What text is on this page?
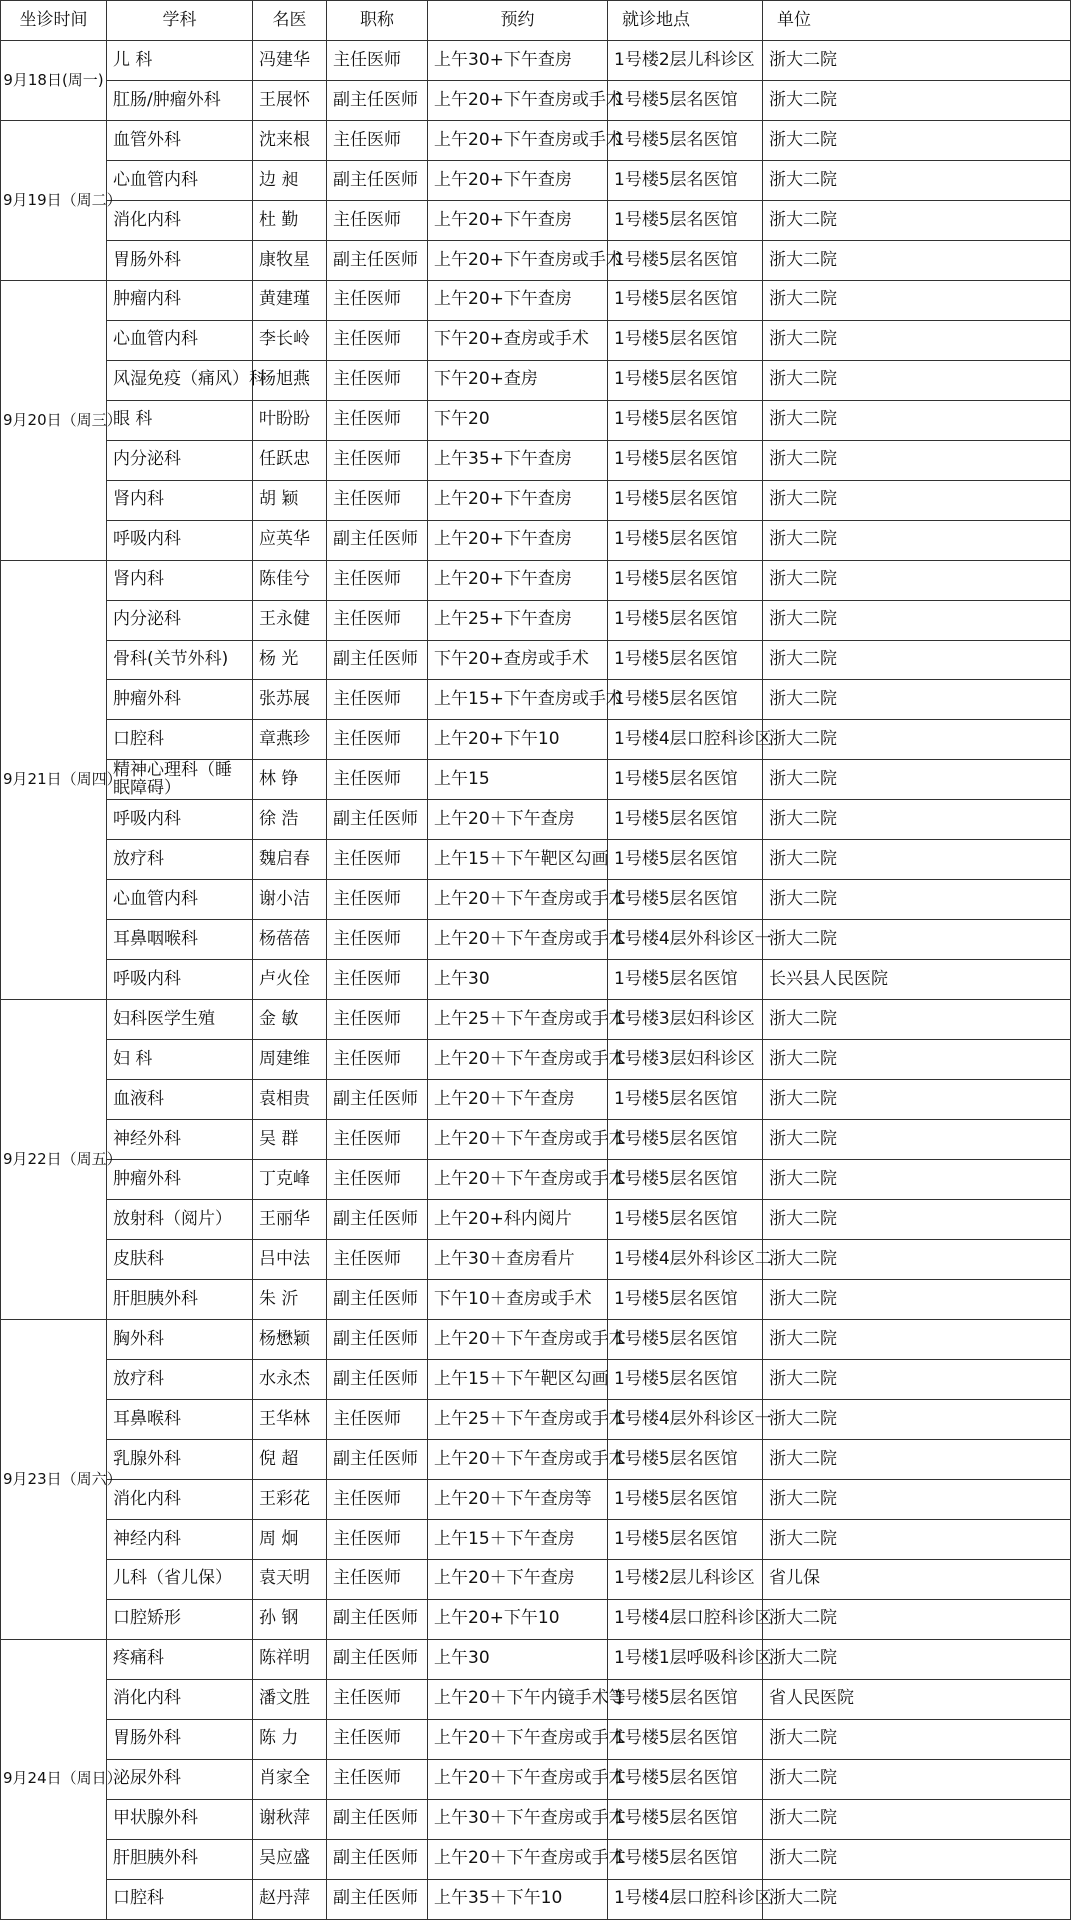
坐诊时间	学科	名医	职称	预约	就诊地点	单位
9月18日(周一)	儿 科	冯建华	主任医师	上午30+下午查房	1号楼2层儿科诊区	浙大二院
	肛肠/肿瘤外科	王展怀	副主任医师	上午20+下午查房或手术	1号楼5层名医馆	浙大二院
9月19日（周二）	血管外科	沈来根	主任医师	上午20+下午查房或手术	1号楼5层名医馆	浙大二院
	心血管内科	边 昶	副主任医师	上午20+下午查房	1号楼5层名医馆	浙大二院
	消化内科	杜 勤	主任医师	上午20+下午查房	1号楼5层名医馆	浙大二院
	胃肠外科	康牧星	副主任医师	上午20+下午查房或手术	1号楼5层名医馆	浙大二院
9月20日（周三）	肿瘤内科	黄建瑾	主任医师	上午20+下午查房	1号楼5层名医馆	浙大二院
	心血管内科	李长岭	主任医师	下午20+查房或手术	1号楼5层名医馆	浙大二院
	风湿免疫（痛风）科	杨旭燕	主任医师	下午20+查房	1号楼5层名医馆	浙大二院
	眼 科	叶盼盼	主任医师	下午20	1号楼5层名医馆	浙大二院
	内分泌科	任跃忠	主任医师	上午35+下午查房	1号楼5层名医馆	浙大二院
	肾内科	胡 颖	主任医师	上午20+下午查房	1号楼5层名医馆	浙大二院
	呼吸内科	应英华	副主任医师	上午20+下午查房	1号楼5层名医馆	浙大二院
9月21日（周四）	肾内科	陈佳兮	主任医师	上午20+下午查房	1号楼5层名医馆	浙大二院
	内分泌科	王永健	主任医师	上午25+下午查房	1号楼5层名医馆	浙大二院
	骨科(关节外科)	杨 光	副主任医师	下午20+查房或手术	1号楼5层名医馆	浙大二院
	肿瘤外科	张苏展	主任医师	上午15+下午查房或手术	1号楼5层名医馆	浙大二院
	口腔科	章燕珍	主任医师	上午20+下午10	1号楼4层口腔科诊区	浙大二院
	精神心理科（睡眠障碍）	林 铮	主任医师	上午15	1号楼5层名医馆	浙大二院
	呼吸内科	徐 浩	副主任医师	上午20＋下午查房	1号楼5层名医馆	浙大二院
	放疗科	魏启春	主任医师	上午15＋下午靶区勾画	1号楼5层名医馆	浙大二院
	心血管内科	谢小洁	主任医师	上午20＋下午查房或手术	1号楼5层名医馆	浙大二院
	耳鼻咽喉科	杨蓓蓓	主任医师	上午20＋下午查房或手术	1号楼4层外科诊区一	浙大二院
	呼吸内科	卢火佺	主任医师	上午30	1号楼5层名医馆	长兴县人民医院
9月22日（周五）	妇科医学生殖	金 敏	主任医师	上午25＋下午查房或手术	1号楼3层妇科诊区	浙大二院
	妇 科	周建维	主任医师	上午20＋下午查房或手术	1号楼3层妇科诊区	浙大二院
	血液科	袁相贵	副主任医师	上午20＋下午查房	1号楼5层名医馆	浙大二院
	神经外科	吴 群	主任医师	上午20＋下午查房或手术	1号楼5层名医馆	浙大二院
	肿瘤外科	丁克峰	主任医师	上午20＋下午查房或手术	1号楼5层名医馆	浙大二院
	放射科（阅片）	王丽华	副主任医师	上午20+科内阅片	1号楼5层名医馆	浙大二院
	皮肤科	吕中法	主任医师	上午30＋查房看片	1号楼4层外科诊区二	浙大二院
	肝胆胰外科	朱 沂	副主任医师	下午10＋查房或手术	1号楼5层名医馆	浙大二院
9月23日（周六）	胸外科	杨懋颖	副主任医师	上午20＋下午查房或手术	1号楼5层名医馆	浙大二院
	放疗科	水永杰	副主任医师	上午15＋下午靶区勾画	1号楼5层名医馆	浙大二院
	耳鼻喉科	王华林	主任医师	上午25＋下午查房或手术	1号楼4层外科诊区一	浙大二院
	乳腺外科	倪 超	副主任医师	上午20＋下午查房或手术	1号楼5层名医馆	浙大二院
	消化内科	王彩花	主任医师	上午20＋下午查房等	1号楼5层名医馆	浙大二院
	神经内科	周 炯	主任医师	上午15＋下午查房	1号楼5层名医馆	浙大二院
	儿科（省儿保）	袁天明	主任医师	上午20＋下午查房	1号楼2层儿科诊区	省儿保
	口腔矫形	孙 钢	副主任医师	上午20+下午10	1号楼4层口腔科诊区	浙大二院
9月24日（周日）	疼痛科	陈祥明	副主任医师	上午30	1号楼1层呼吸科诊区	浙大二院
	消化内科	潘文胜	主任医师	上午20＋下午内镜手术等	1号楼5层名医馆	省人民医院
	胃肠外科	陈 力	主任医师	上午20＋下午查房或手术	1号楼5层名医馆	浙大二院
	泌尿外科	肖家全	主任医师	上午20＋下午查房或手术	1号楼5层名医馆	浙大二院
	甲状腺外科	谢秋萍	副主任医师	上午30＋下午查房或手术	1号楼5层名医馆	浙大二院
	肝胆胰外科	吴应盛	副主任医师	上午20＋下午查房或手术	1号楼5层名医馆	浙大二院
	口腔科	赵丹萍	副主任医师	上午35＋下午10	1号楼4层口腔科诊区	浙大二院
